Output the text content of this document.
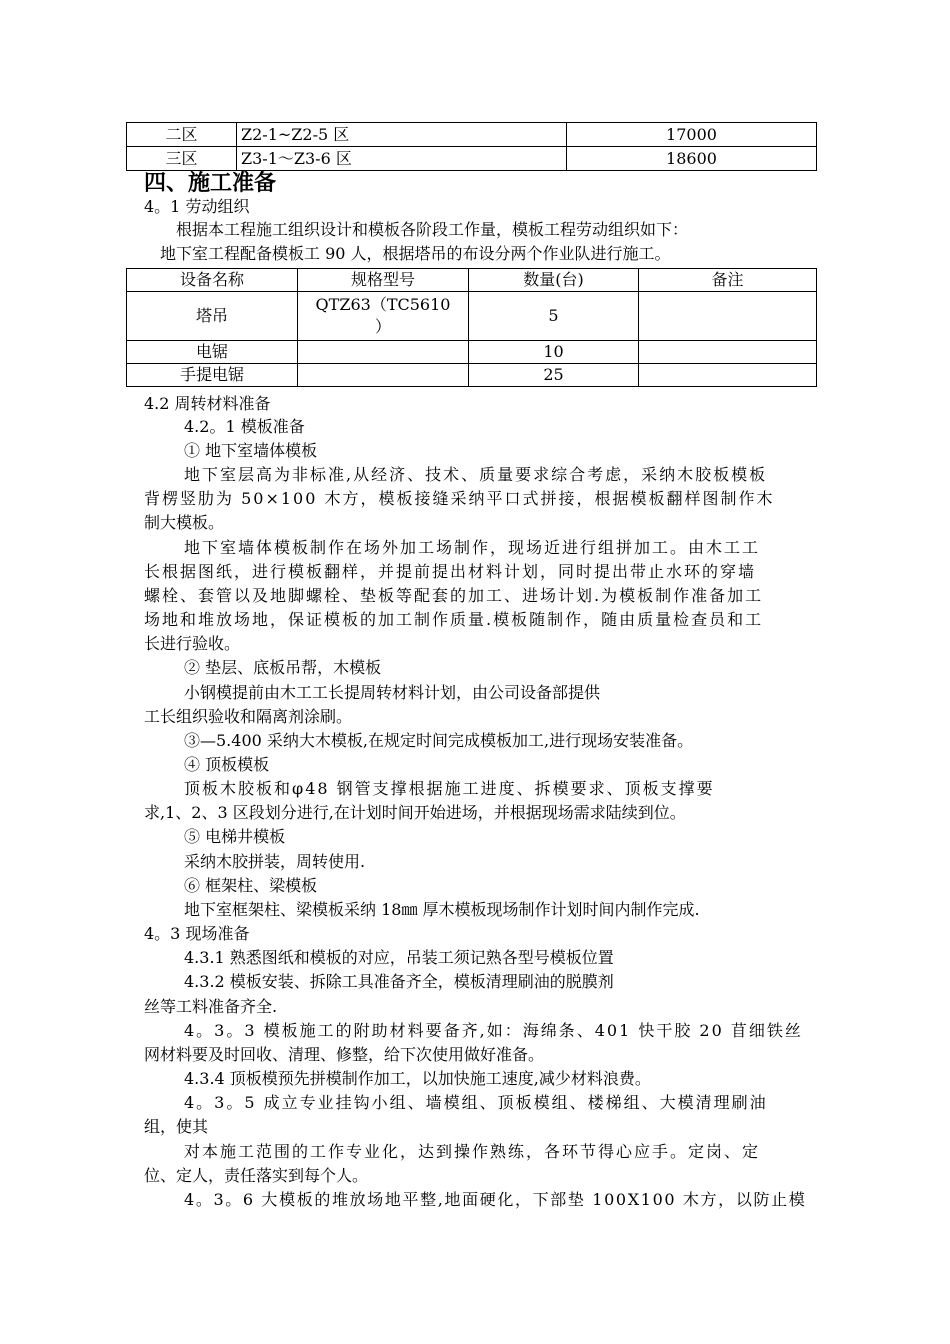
二区	Z2-1~Z2-5 区	17000
三区	Z3-1～Z3-6 区	18600
四、施工准备
4。1 劳动组织
根据本工程施工组织设计和模板各阶段工作量，模板工程劳动组织如下：
地下室工程配备模板工 90 人，根据塔吊的布设分两个作业队进行施工。
设备名称	规格型号	数量(台)	备注
塔吊	QTZ63（TC5610
）	5	
电锯		10	
手提电锯		25	
4.2 周转材料准备
4.2。1 模板准备
① 地下室墙体模板
地下室层高为非标准,从经济、技术、质量要求综合考虑，采纳木胶板模板
背楞竖肋为 50×100 木方，模板接缝采纳平口式拼接，根据模板翻样图制作木
制大模板。
地下室墙体模板制作在场外加工场制作，现场近进行组拼加工。由木工工
长根据图纸，进行模板翻样，并提前提出材料计划，同时提出带止水环的穿墙
螺栓、套管以及地脚螺栓、垫板等配套的加工、进场计划.为模板制作准备加工
场地和堆放场地，保证模板的加工制作质量.模板随制作，随由质量检查员和工
长进行验收。
② 垫层、底板吊帮，木模板
小钢模提前由木工工长提周转材料计划，由公司设备部提供
工长组织验收和隔离剂涂刷。
③—5.400 采纳大木模板,在规定时间完成模板加工,进行现场安装准备。
④ 顶板模板
顶板木胶板和φ48 钢管支撑根据施工进度、拆模要求、顶板支撑要
求,1、2、3 区段划分进行,在计划时间开始进场，并根据现场需求陆续到位。
⑤ 电梯井模板
采纳木胶拼装，周转使用.
⑥ 框架柱、梁模板
地下室框架柱、梁模板采纳 18㎜ 厚木模板现场制作计划时间内制作完成.
4。3 现场准备
4.3.1 熟悉图纸和模板的对应，吊装工须记熟各型号模板位置
4.3.2 模板安装、拆除工具准备齐全，模板清理刷油的脱膜剂
丝等工料准备齐全.
4。3。3 模板施工的附助材料要备齐,如：海绵条、401 快干胶 20 苜细铁丝
网材料要及时回收、清理、修整，给下次使用做好准备。
4.3.4 顶板模预先拼模制作加工，以加快施工速度,减少材料浪费。
4。3。5 成立专业挂钩小组、墙模组、顶板模组、楼梯组、大模清理刷油
组，使其
对本施工范围的工作专业化，达到操作熟练，各环节得心应手。定岗、定
位、定人，责任落实到每个人。
4。3。6 大模板的堆放场地平整,地面硬化，下部垫 100X100 木方，以防止模
